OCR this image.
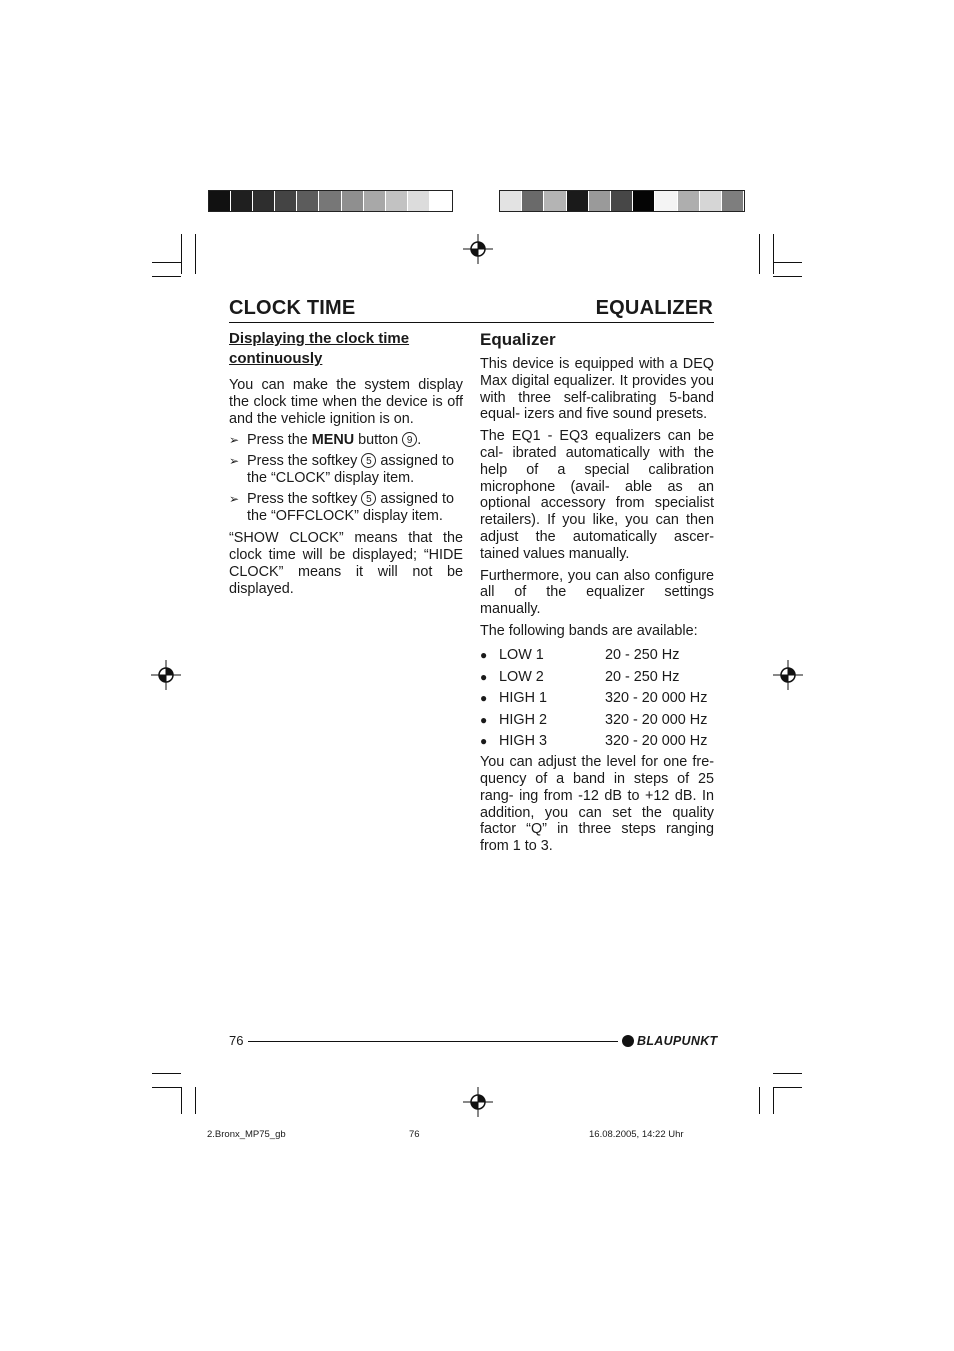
CLOCK TIME	EQUALIZER
Displaying the clock time continuously

You can make the system display the clock time when the device is off and the vehicle ignition is on.

➢ Press the MENU button 9 .
➢ Press the softkey 5 assigned to the “CLOCK” display item.
➢ Press the softkey 5 assigned to the “OFFCLOCK” display item.

“SHOW CLOCK” means that the clock time will be displayed; “HIDE CLOCK” means it will not be displayed.

Equalizer

This device is equipped with a DEQ Max digital equalizer. It provides you with three self-calibrating 5-band equal- izers and five sound presets.

The EQ1 - EQ3 equalizers can be cal- ibrated automatically with the help of a special calibration microphone (avail- able as an optional accessory from specialist retailers). If you like, you can then adjust the automatically ascer- tained values manually.

Furthermore, you can also configure all of the equalizer settings manually.

The following bands are available:

● LOW 1	20 - 250 Hz
● LOW 2	20 - 250 Hz
● HIGH 1	320 - 20 000 Hz
● HIGH 2	320 - 20 000 Hz
● HIGH 3	320 - 20 000 Hz

You can adjust the level for one fre- quency of a band in steps of 25 rang- ing from -12 dB to +12 dB. In addition, you can set the quality factor “Q” in three steps ranging from 1 to 3.

76	BLAUPUNKT
2.Bronx_MP75_gb	76	16.08.2005, 14:22 Uhr
